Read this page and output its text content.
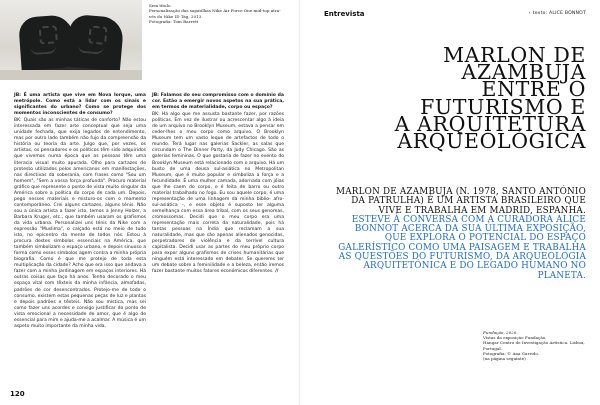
Sem título.
Personalização das sapatilhas Nike Air Force One mid-top atra-
vés do Nike ID Tag, 2013.
Fotografia: Tom Barrett
JB: É uma artista que vive em Nova Iorque, uma metrópole. Como está a lidar com os sinais e significantes do urbano? Como se protege dos momentos inconscientes de consumo?

BK: Quais são as minhas táticas de conforto? Não estou interessada em fazer arte conceptual que seja uma unidade fechada, que exija legados de entendimento, mas por outro lado também não fujo da compreensão da história ou teoria da arte. Julgo que, por vezes, os artistas, os pensadores e os políticos têm sido adquiridos que vivemos numa época que as pessoas têm uma literacia visual muito apurada. Olho para cartazes de protesto utilizados pelos americanos em manifestações, nas directivas da soberania, com frases como "Sou um homem", "Sem a vossa força profunda". Procuro material gráfico que represente o ponto de vista muito singular da América sobre a política do corpo de cada um. Depois, pego nesses materiais e misturo-os com o momento contemporâneo. Crei alguns cartazes, alguns ténis. Não sou a única artista a fazer isto, temos a Jenny Holzer, a Barbara Kruger, etc., que também usaram os grafismos da vida urbana. Personalizei uns ténis da Nike com a expressão "Muslima", o calçado está no meio de tudo isto, no epicentro da mente de todos nós. Estou à procura destes símbolos essenciais na América, que também simbolizam o espaço urbano, e depois sinuoso a forma como esses símbolos agem contra a minha própria biografia. Como é que me protejo de toda esta multiplicação da cidade? Acho que era isso que andava a fazer com a minha jardinagem em espaços interiores. Há outras coisas que faço há anos. Tenho decorado o meu espaço vital com têxteis da minha infância, almofadas, padrões de cor desencontrados. Protejo-me de todo o consumo, existem estas pequenas peças de luz e plantas e depois padrões e têxteis. Não sou mística, mas sei como fazer uns acordes e consigo justificar do ponto de vista emocional a necessidade de amor, que é algo de essencial para mim e ajuda-me a acalmar. A música é um aspeto muito importante da minha vida.

JB: Falamos do seu compromisso com o domínio da cor. Estão a emergir novos aspetos na sua prática, em termos de materialidade, corpo ou espaço?

BK: Há algo que me assusta bastante fazer, por razões políticas. Em vez de ilustrar ou acrescentar algo à ideia de um arquivo no Brooklyn Museum, estava a pensar em ceder-lhes o meu corpo como arquivo. O Brooklyn Museum tem um vasto leque de artefactos de todo o mundo. Terá lugar nas galerias Sackler, as salas que circundam o The Dinner Party, da Judy Chicago. São as galerias femininas. O que gostaria de fazer no evento do Brooklyn Museum está relacionado com o arquivo. Há um busto de uma deusa sul-asiática no Metropolitan Museum, que é muito popular e simboliza a força e a fecundidade. É uma mulher camada, adornada com jóias que lhe caem do corpo, e é feita de barro ou outro material trabalhado no fogo. Eu sou aquele corpo, é uma representação de uma linhagem da minha biblio- afro-sul-asiática –, e esse objeto é suposto ter alguma semelhança com essa área tribal, com os seus genomas, cromossomas. Decidi que o meu corpo era uma representação mais correta da naturalidade, pois há tantas pessoas na Índia que reclamam a sua naturalidade, mas que são apenas alienados genocidas, perpetradores de violência e da terrível cultura capitalista. Decidi usar as partes do meu próprio corpo para expor alguns grafismos de crises humanitárias que ninguém está interessado em debater. Se quereres ter um debate sobre a feminilidade e a beleza, então iremos fazer bastante muitos fatores económicos diferentes. //

120
Entrevista	› texto: ALICE BONNOT
MARLON DE
AZAMBUJA
ENTRE O
FUTURISMO E
A ARQUITETURA
ARQUEOLÓGICA
MARLON DE AZAMBUJA (N. 1978, SANTO ANTÓNIO DA PATRULHA) É UM ARTISTA BRASILEIRO QUE VIVE E TRABALHA EM MADRID, ESPANHA.
ESTEVE À CONVERSA COM A CURADORA ALICE BONNOT ACERCA DA SUA ÚLTIMA EXPOSIÇÃO, QUE EXPLORA O POTENCIAL DO ESPAÇO GALERÍSTICO COMO UMA PAISAGEM E TRABALHA AS QUESTÕES DO FUTURISMO, DA ARQUEOLOGIA ARQUITETÓNICA E DO LEGADO HUMANO NO PLANETA.
Fundação, 2020.
Vistas da exposição Fundação.
Hangar Centro de Investigação Artística. Lisboa, Portugal.
Fotografia: © Ana Garrido.
(na página seguinte)
